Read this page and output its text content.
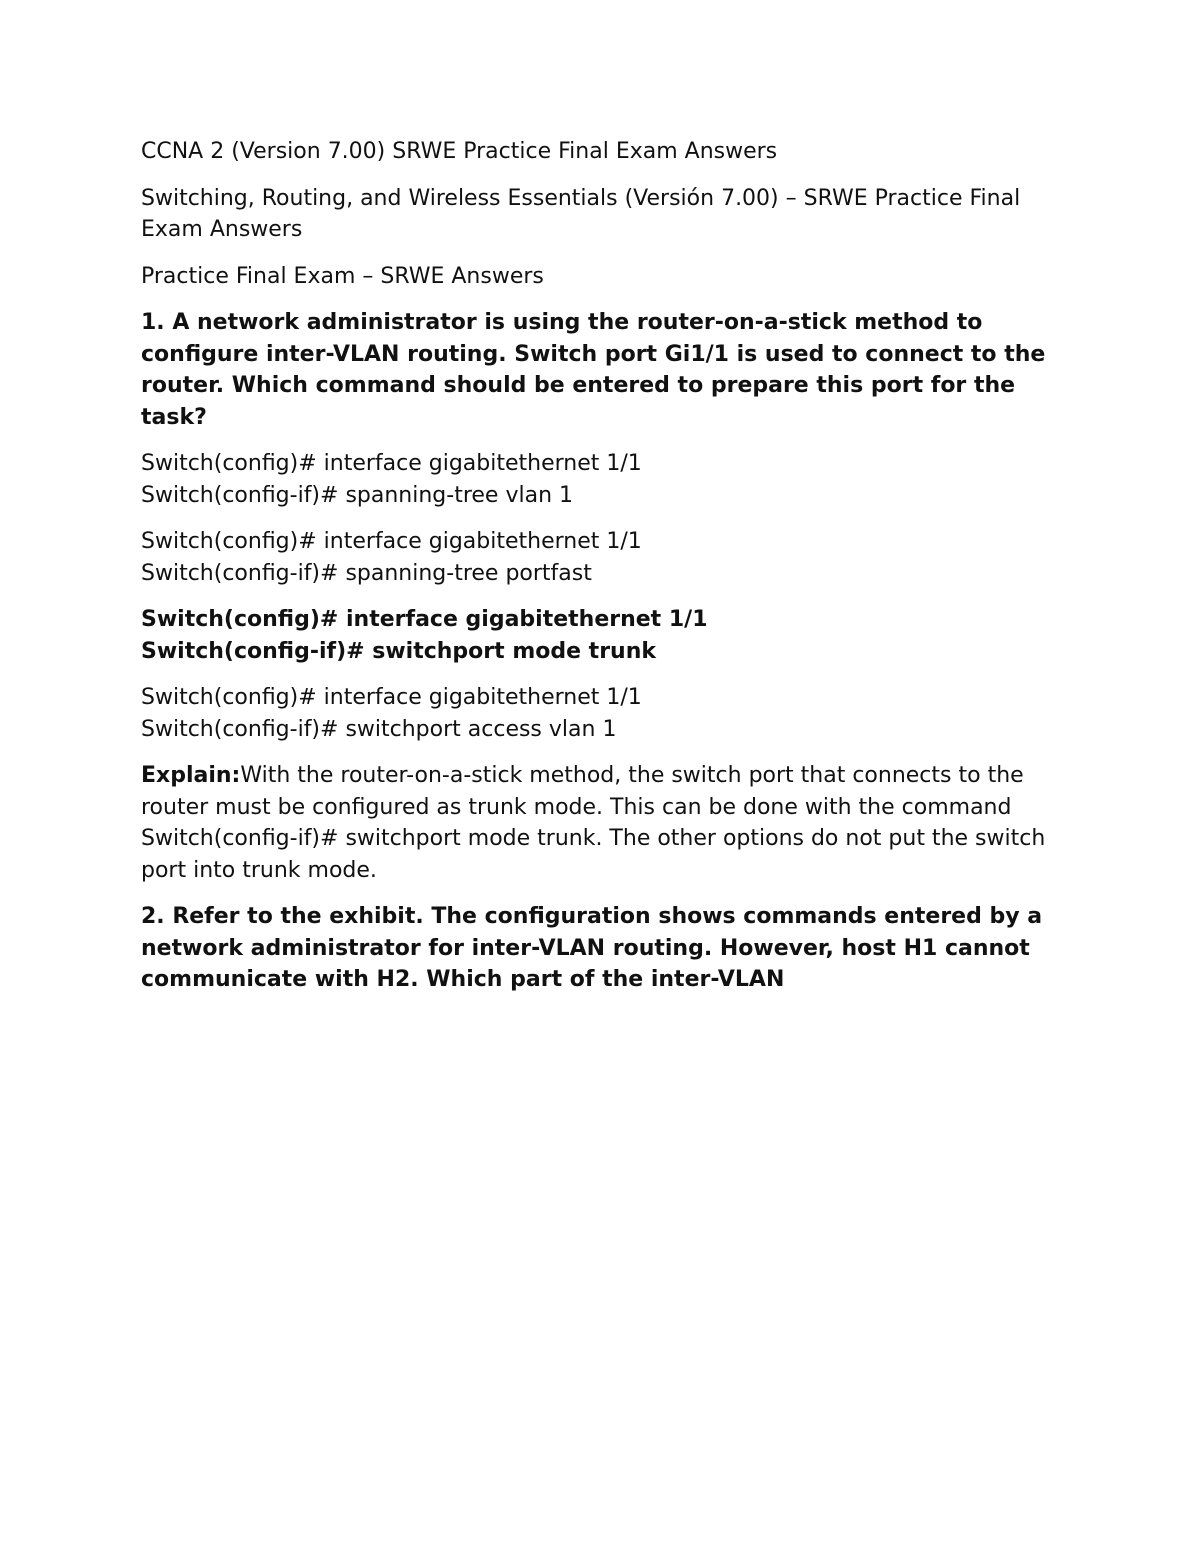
CCNA 2 (Version 7.00) SRWE Practice Final Exam Answers

Switching, Routing, and Wireless Essentials (Versión 7.00) – SRWE Practice Final Exam Answers

Practice Final Exam – SRWE Answers

1. A network administrator is using the router-on-a-stick method to configure inter-VLAN routing. Switch port Gi1/1 is used to connect to the router. Which command should be entered to prepare this port for the task?

Switch(config)# interface gigabitethernet 1/1
Switch(config-if)# spanning-tree vlan 1
Switch(config)# interface gigabitethernet 1/1
Switch(config-if)# spanning-tree portfast
Switch(config)# interface gigabitethernet 1/1
Switch(config-if)# switchport mode trunk
Switch(config)# interface gigabitethernet 1/1
Switch(config-if)# switchport access vlan 1

Explain:With the router-on-a-stick method, the switch port that connects to the router must be configured as trunk mode. This can be done with the command Switch(config-if)# switchport mode trunk. The other options do not put the switch port into trunk mode.

2. Refer to the exhibit. The configuration shows commands entered by a network administrator for inter-VLAN routing. However, host H1 cannot communicate with H2. Which part of the inter-VLAN
